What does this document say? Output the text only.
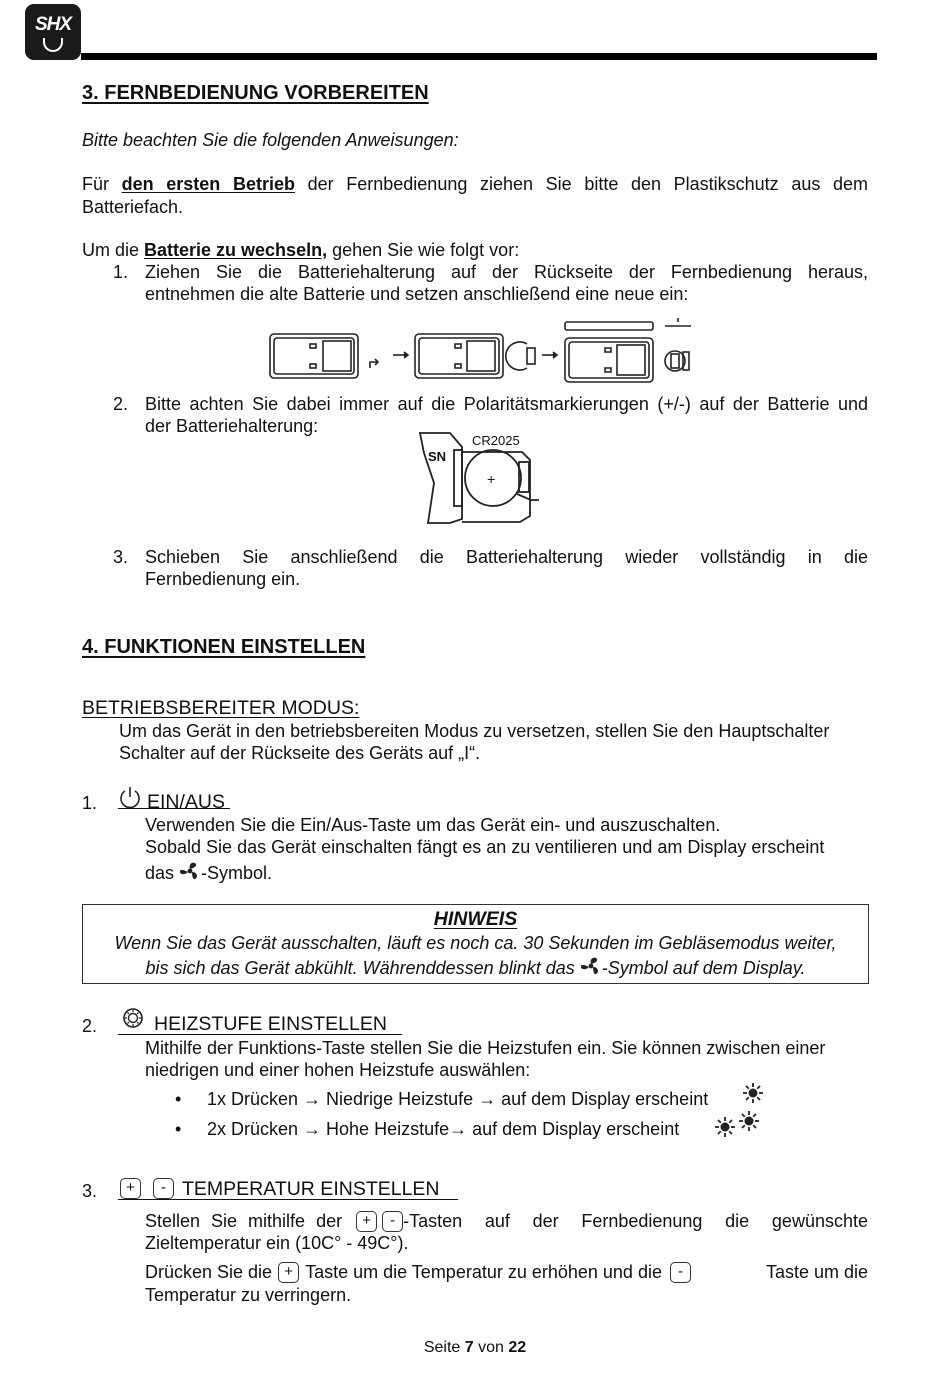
SHX
3. FERNBEDIENUNG VORBEREITEN
Bitte beachten Sie die folgenden Anweisungen:
Für den ersten Betrieb der Fernbedienung ziehen Sie bitte den Plastikschutz aus dem
Batteriefach.
Um die Batterie zu wechseln, gehen Sie wie folgt vor:
1. Ziehen Sie die Batteriehalterung auf der Rückseite der Fernbedienung heraus,
entnehmen die alte Batterie und setzen anschließend eine neue ein:
2. Bitte achten Sie dabei immer auf die Polaritätsmarkierungen (+/-) auf der Batterie und
der Batteriehalterung:
SN
CR2025
+
3. Schieben Sie anschließend die Batteriehalterung wieder vollständig in die
Fernbedienung ein.
4. FUNKTIONEN EINSTELLEN
BETRIEBSBEREITER MODUS:
Um das Gerät in den betriebsbereiten Modus zu versetzen, stellen Sie den Hauptschalter
Schalter auf der Rückseite des Geräts auf „I“.
1.	EIN/AUS
Verwenden Sie die Ein/Aus-Taste um das Gerät ein- und auszuschalten.
Sobald Sie das Gerät einschalten fängt es an zu ventilieren und am Display erscheint
das -Symbol.
HINWEIS
Wenn Sie das Gerät ausschalten, läuft es noch ca. 30 Sekunden im Gebläsemodus weiter,
bis sich das Gerät abkühlt. Währenddessen blinkt das -Symbol auf dem Display.
2.	HEIZSTUFE EINSTELLEN
Mithilfe der Funktions-Taste stellen Sie die Heizstufen ein. Sie können zwischen einer
niedrigen und einer hohen Heizstufe auswählen:
• 1x Drücken → Niedrige Heizstufe → auf dem Display erscheint
• 2x Drücken → Hohe Heizstufe→ auf dem Display erscheint
3.	+ - TEMPERATUR EINSTELLEN
Stellen Sie mithilfe der	+	- -Tasten auf der Fernbedienung die gewünschte
Zieltemperatur ein (10C° - 49C°).
Drücken Sie die + Taste um die Temperatur zu erhöhen und die	-	Taste um die
Temperatur zu verringern.
Seite 7 von 22
